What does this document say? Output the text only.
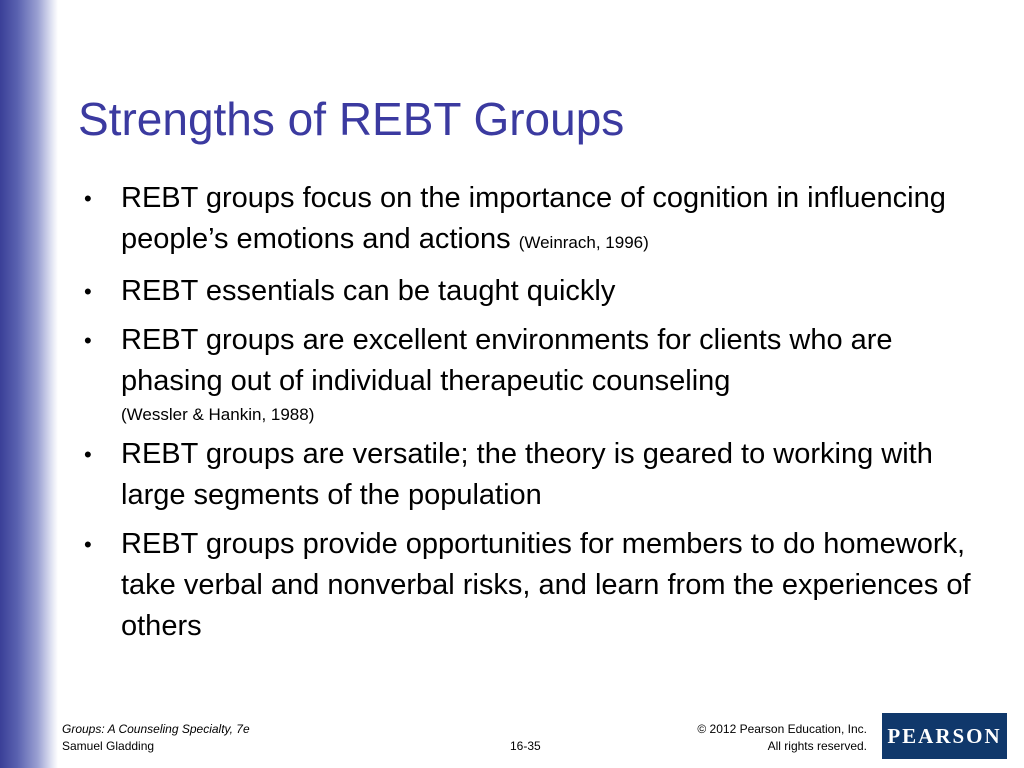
Strengths of REBT Groups
• REBT groups focus on the importance of cognition in influencing people’s emotions and actions (Weinrach, 1996)
• REBT essentials can be taught quickly
• REBT groups are excellent environments for clients who are phasing out of individual therapeutic counseling
(Wessler & Hankin, 1988)
• REBT groups are versatile; the theory is geared to working with large segments of the population
• REBT groups provide opportunities for members to do homework, take verbal and nonverbal risks, and learn from the experiences of others
Groups: A Counseling Specialty, 7e
Samuel Gladding	16-35
© 2012 Pearson Education, Inc.
All rights reserved. PEARSON
